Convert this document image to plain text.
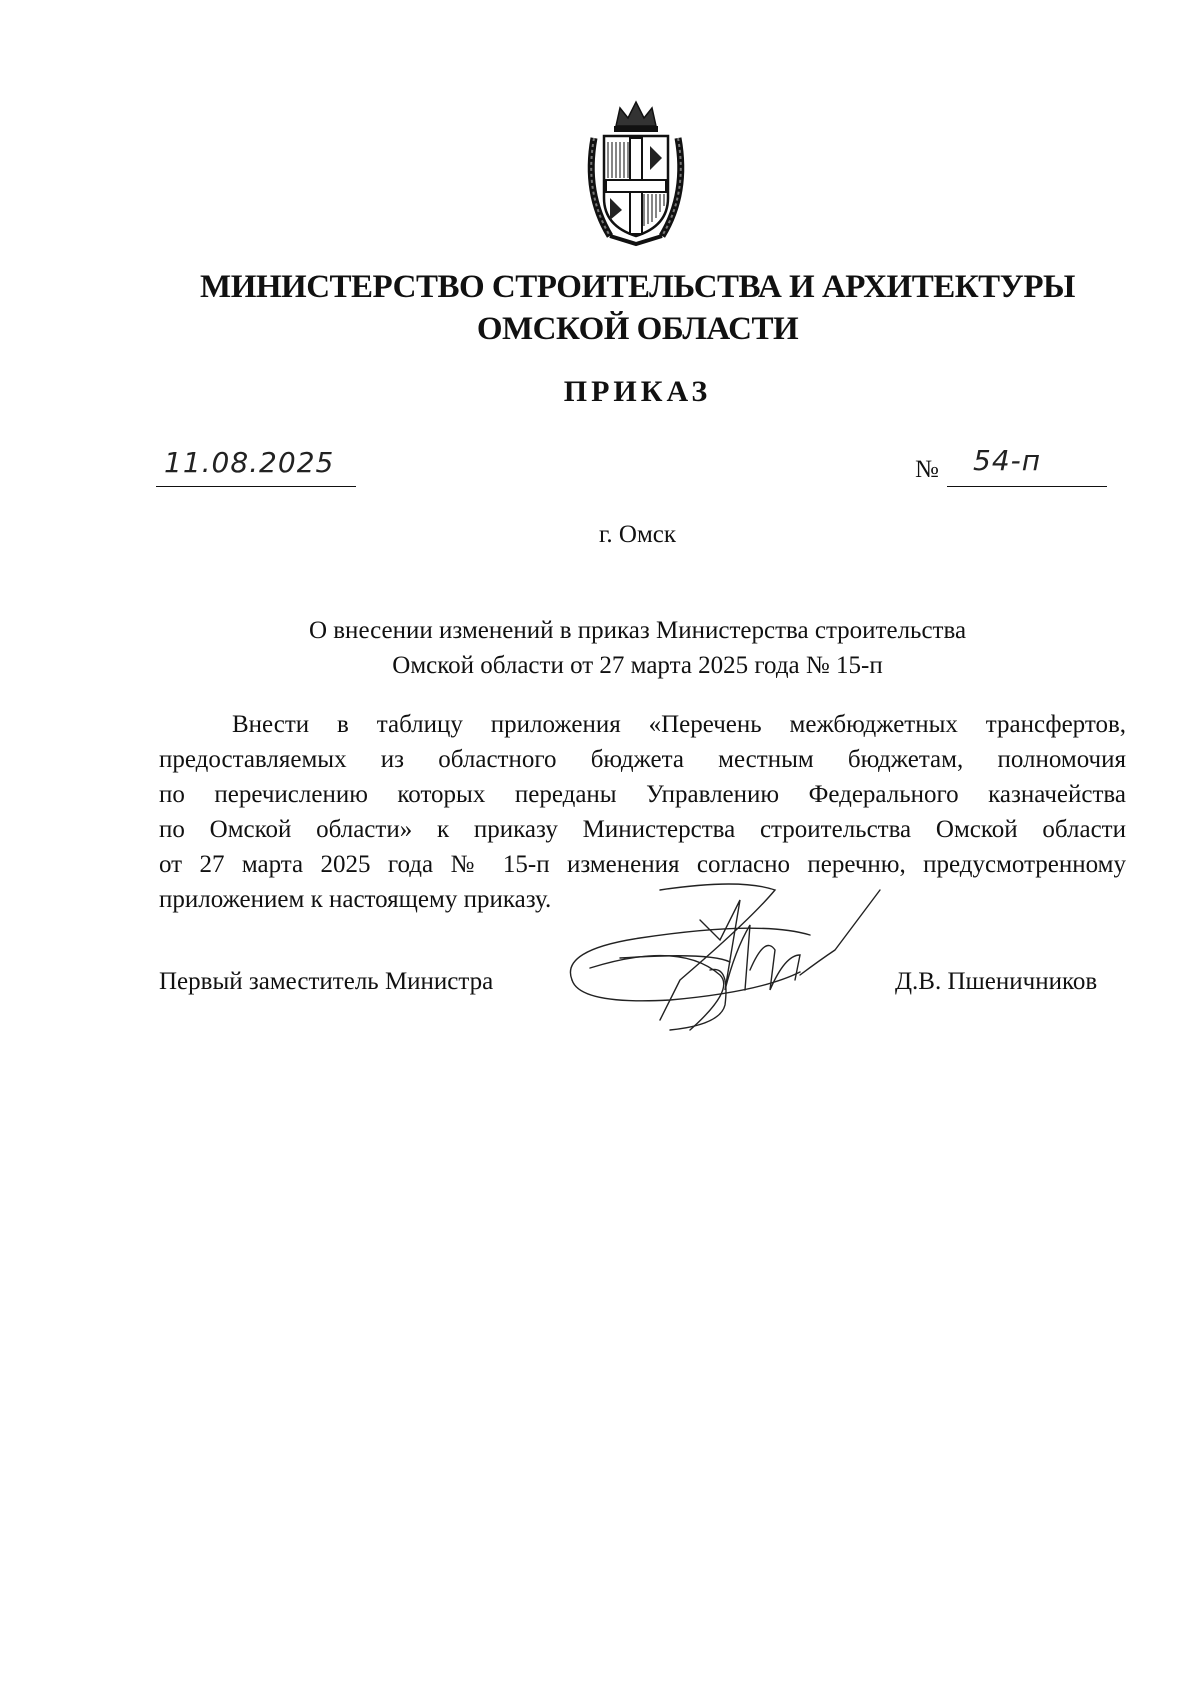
МИНИСТЕРСТВО СТРОИТЕЛЬСТВА И АРХИТЕКТУРЫ
ОМСКОЙ ОБЛАСТИ
ПРИКАЗ
11.08.2025	№ 54-п
г. Омск
О внесении изменений в приказ Министерства строительства
Омской области от 27 марта 2025 года № 15-п
Внести в таблицу приложения «Перечень межбюджетных трансфертов,
предоставляемых из областного бюджета местным бюджетам, полномочия
по перечислению которых переданы Управлению Федерального казначейства
по Омской области» к приказу Министерства строительства Омской области
от 27 марта 2025 года № 15-п изменения согласно перечню, предусмотренному
приложением к настоящему приказу.
Первый заместитель Министра	Д.В. Пшеничников
